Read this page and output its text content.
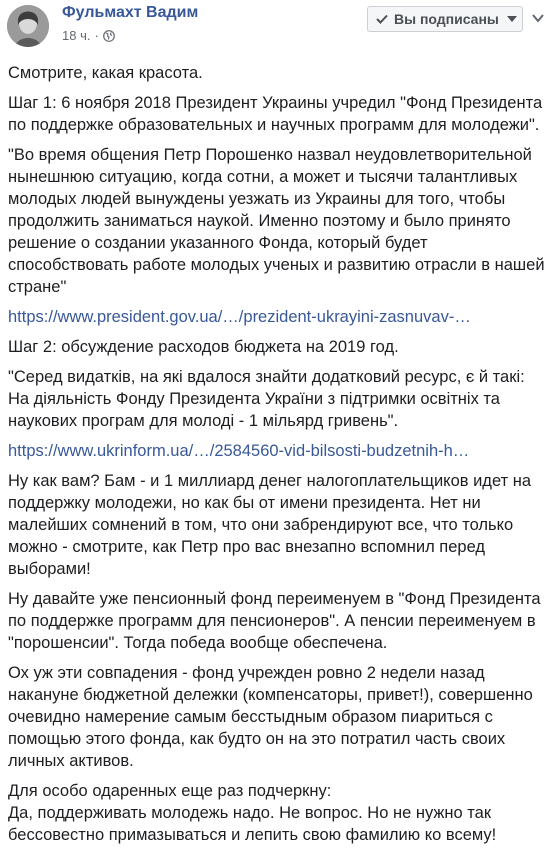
Фульмахт Вадим
18 ч. ·
Вы подписаны

Смотрите, какая красота.

Шаг 1: 6 ноября 2018 Президент Украины учредил "Фонд Президента по поддержке образовательных и научных программ для молодежи".

"Во время общения Петр Порошенко назвал неудовлетворительной нынешнюю ситуацию, когда сотни, а может и тысячи талантливых молодых людей вынуждены уезжать из Украины для того, чтобы продолжить заниматься наукой. Именно поэтому и было принято решение о создании указанного Фонда, который будет способствовать работе молодых ученых и развитию отрасли в нашей стране"

https://www.president.gov.ua/…/prezident-ukrayini-zasnuvav-…

Шаг 2: обсуждение расходов бюджета на 2019 год.

"Серед видатків, на які вдалося знайти додатковий ресурс, є й такі: На діяльність Фонду Президента України з підтримки освітніх та наукових програм для молоді - 1 мільярд гривень".

https://www.ukrinform.ua/…/2584560-vid-bilsosti-budzetnih-h…

Ну как вам? Бам - и 1 миллиард денег налогоплательщиков идет на поддержку молодежи, но как бы от имени президента. Нет ни малейших сомнений в том, что они забрендируют все, что только можно - смотрите, как Петр про вас внезапно вспомнил перед выборами!

Ну давайте уже пенсионный фонд переименуем в "Фонд Президента по поддержке программ для пенсионеров". А пенсии переименуем в "порошенсии". Тогда победа вообще обеспечена.

Ох уж эти совпадения - фонд учрежден ровно 2 недели назад накануне бюджетной дележки (компенсаторы, привет!), совершенно очевидно намерение самым бесстыдным образом пиариться с помощью этого фонда, как будто он на это потратил часть своих личных активов.

Для особо одаренных еще раз подчеркну:
Да, поддерживать молодежь надо. Не вопрос. Но не нужно так бессовестно примазываться и лепить свою фамилию ко всему!
